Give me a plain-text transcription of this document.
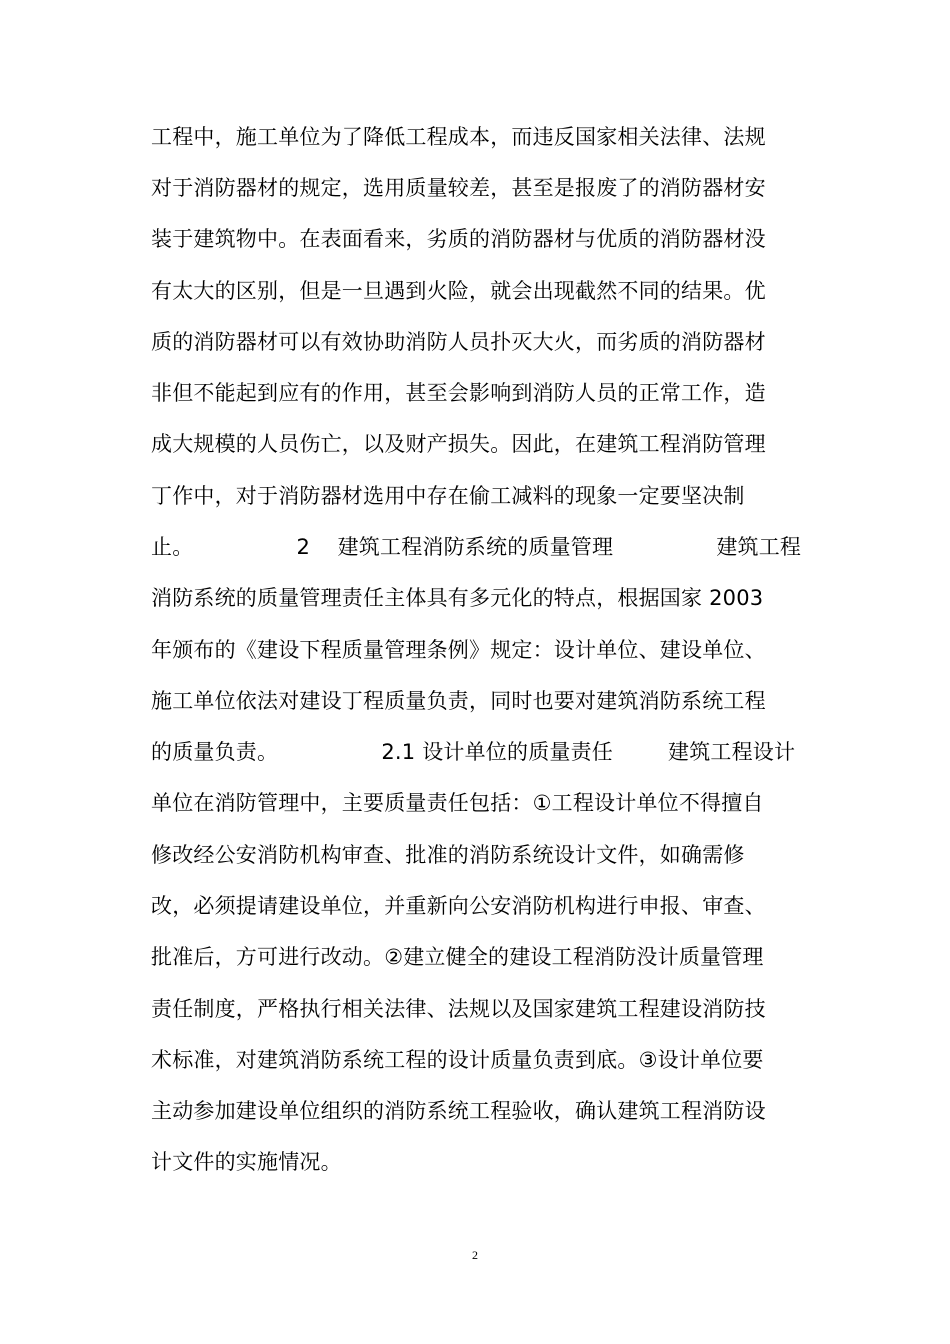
工程中，施工单位为了降低工程成本，而违反国家相关法律、法规
对于消防器材的规定，选用质量较差，甚至是报废了的消防器材安
装于建筑物中。在表面看来，劣质的消防器材与优质的消防器材没
有太大的区别，但是一旦遇到火险，就会出现截然不同的结果。优
质的消防器材可以有效协助消防人员扑灭大火，而劣质的消防器材
非但不能起到应有的作用，甚至会影响到消防人员的正常工作，造
成大规模的人员伤亡，以及财产损失。因此，在建筑工程消防管理
丁作中，对于消防器材选用中存在偷工减料的现象一定要坚决制
止。               2    建筑工程消防系统的质量管理               建筑工程
消防系统的质量管理责任主体具有多元化的特点，根据国家 2003
年颁布的《建设下程质量管理条例》规定：设计单位、建设单位、
施工单位依法对建设丁程质量负责，同时也要对建筑消防系统工程
的质量负责。               2.1 设计单位的质量责任        建筑工程设计
单位在消防管理中，主要质量责任包括：①工程设计单位不得擅自
修改经公安消防机构审查、批准的消防系统设计文件，如确需修
改，必须提请建设单位，并重新向公安消防机构进行申报、审查、
批准后，方可进行改动。②建立健全的建设工程消防没计质量管理
责任制度，严格执行相关法律、法规以及国家建筑工程建设消防技
术标准，对建筑消防系统工程的设计质量负责到底。③设计单位要
主动参加建设单位组织的消防系统工程验收，确认建筑工程消防设
计文件的实施情况。
2
